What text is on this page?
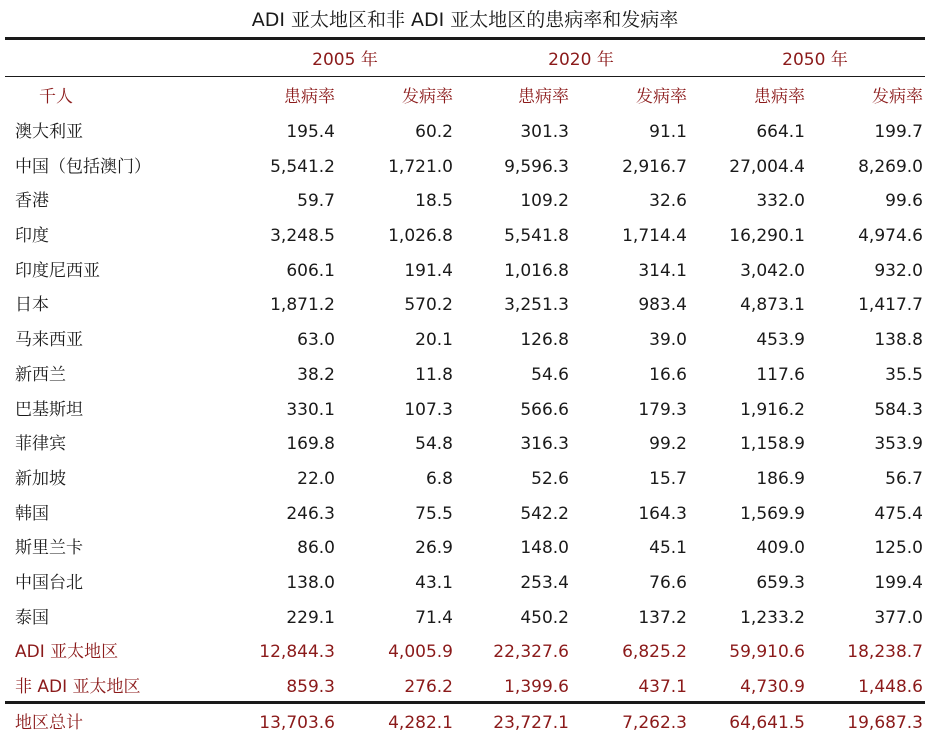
ADI 亚太地区和非 ADI 亚太地区的患病率和发病率
2005 年	2020 年	2050 年
千人	患病率	发病率	患病率	发病率	患病率	发病率
澳大利亚	195.4	60.2	301.3	91.1	664.1	199.7
中国（包括澳门）	5,541.2	1,721.0	9,596.3	2,916.7	27,004.4	8,269.0
香港	59.7	18.5	109.2	32.6	332.0	99.6
印度	3,248.5	1,026.8	5,541.8	1,714.4	16,290.1	4,974.6
印度尼西亚	606.1	191.4	1,016.8	314.1	3,042.0	932.0
日本	1,871.2	570.2	3,251.3	983.4	4,873.1	1,417.7
马来西亚	63.0	20.1	126.8	39.0	453.9	138.8
新西兰	38.2	11.8	54.6	16.6	117.6	35.5
巴基斯坦	330.1	107.3	566.6	179.3	1,916.2	584.3
菲律宾	169.8	54.8	316.3	99.2	1,158.9	353.9
新加坡	22.0	6.8	52.6	15.7	186.9	56.7
韩国	246.3	75.5	542.2	164.3	1,569.9	475.4
斯里兰卡	86.0	26.9	148.0	45.1	409.0	125.0
中国台北	138.0	43.1	253.4	76.6	659.3	199.4
泰国	229.1	71.4	450.2	137.2	1,233.2	377.0
ADI 亚太地区	12,844.3	4,005.9	22,327.6	6,825.2	59,910.6	18,238.7
非 ADI 亚太地区	859.3	276.2	1,399.6	437.1	4,730.9	1,448.6
地区总计	13,703.6	4,282.1	23,727.1	7,262.3	64,641.5	19,687.3
